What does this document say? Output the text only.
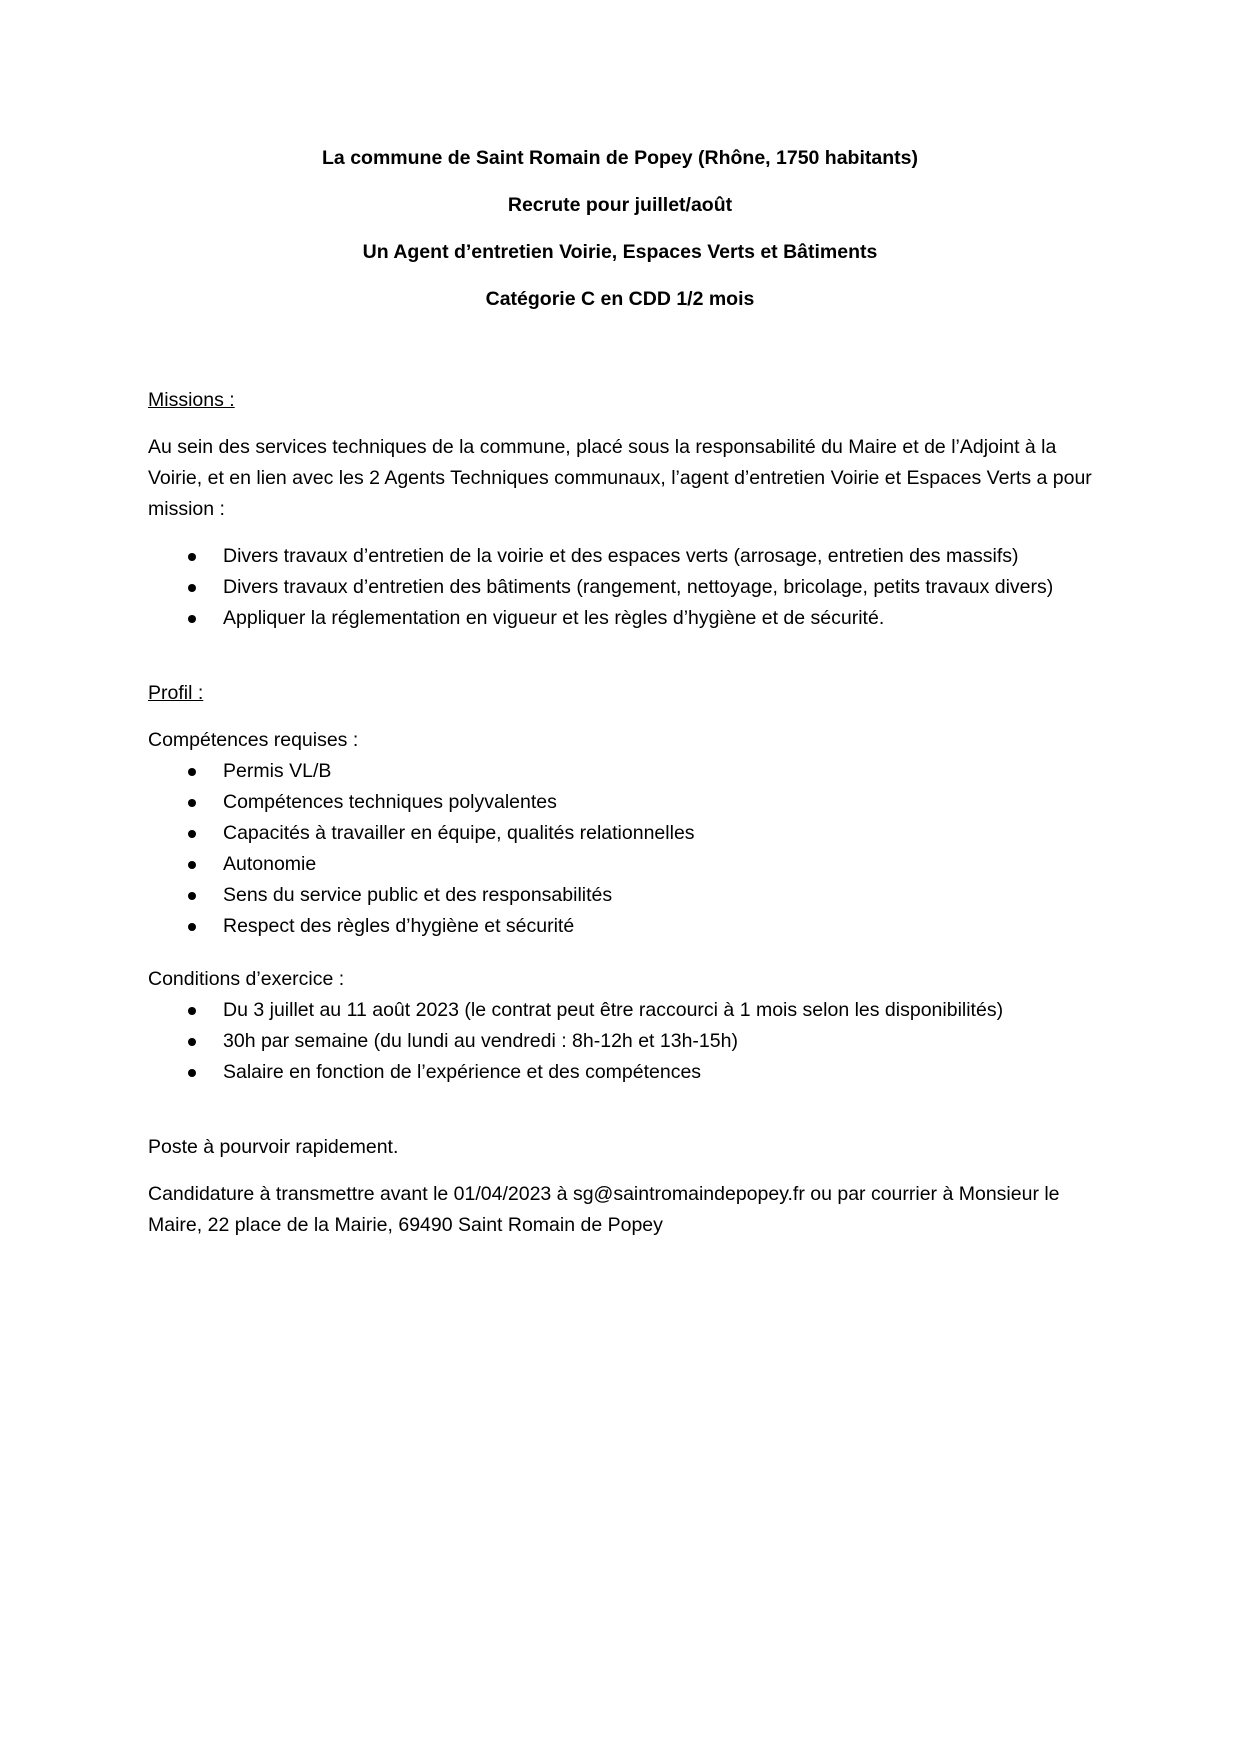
La commune de Saint Romain de Popey (Rhône, 1750 habitants)
Recrute pour juillet/août
Un Agent d’entretien Voirie, Espaces Verts et Bâtiments
Catégorie C en CDD 1/2 mois
Missions :

Au sein des services techniques de la commune, placé sous la responsabilité du Maire et de l’Adjoint à la Voirie, et en lien avec les 2 Agents Techniques communaux, l’agent d’entretien Voirie et Espaces Verts a pour mission :

Divers travaux d’entretien de la voirie et des espaces verts (arrosage, entretien des massifs)
Divers travaux d’entretien des bâtiments (rangement, nettoyage, bricolage, petits travaux divers)
Appliquer la réglementation en vigueur et les règles d’hygiène et de sécurité.
Profil :

Compétences requises :

Permis VL/B
Compétences techniques polyvalentes
Capacités à travailler en équipe, qualités relationnelles
Autonomie
Sens du service public et des responsabilités
Respect des règles d’hygiène et sécurité

Conditions d’exercice :

Du 3 juillet au 11 août 2023 (le contrat peut être raccourci à 1 mois selon les disponibilités)
30h par semaine (du lundi au vendredi : 8h-12h et 13h-15h)
Salaire en fonction de l’expérience et des compétences

Poste à pourvoir rapidement.

Candidature à transmettre avant le 01/04/2023 à sg@saintromaindepopey.fr ou par courrier à Monsieur le Maire, 22 place de la Mairie, 69490 Saint Romain de Popey
